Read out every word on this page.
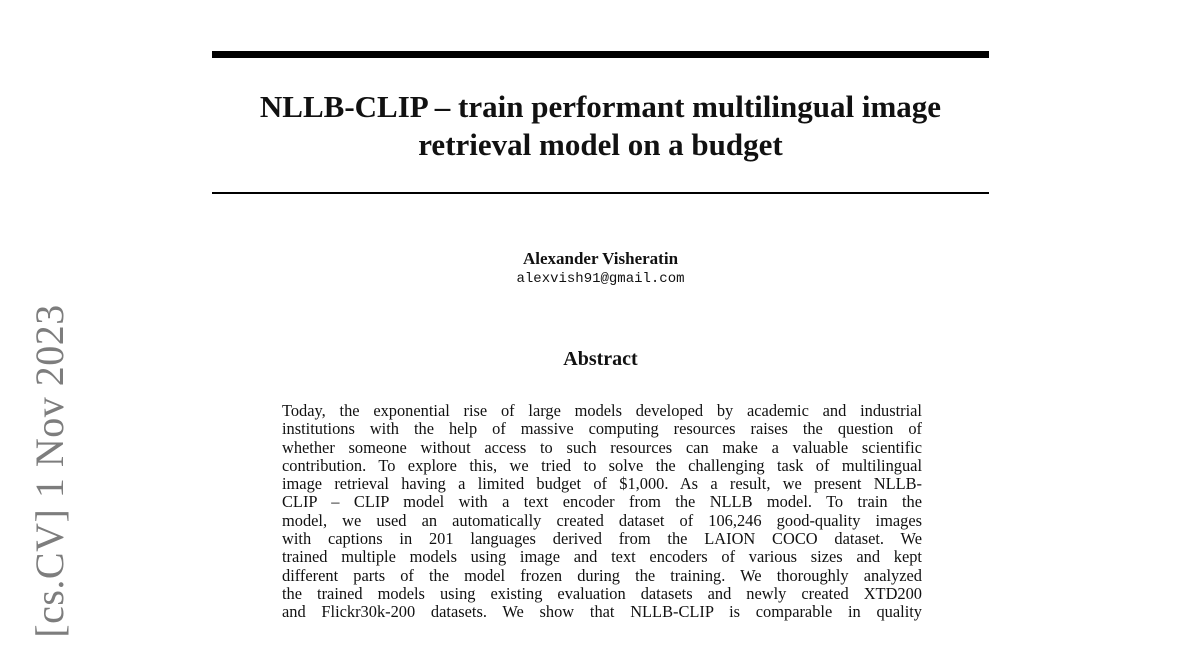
[cs.CV] 1 Nov 2023
NLLB-CLIP – train performant multilingual image
retrieval model on a budget
Alexander Visheratin
alexvish91@gmail.com
Abstract

Today, the exponential rise of large models developed by academic and industrial
institutions with the help of massive computing resources raises the question of
whether someone without access to such resources can make a valuable scientific
contribution. To explore this, we tried to solve the challenging task of multilingual
image retrieval having a limited budget of $1,000. As a result, we present NLLB-
CLIP – CLIP model with a text encoder from the NLLB model. To train the
model, we used an automatically created dataset of 106,246 good-quality images
with captions in 201 languages derived from the LAION COCO dataset. We
trained multiple models using image and text encoders of various sizes and kept
different parts of the model frozen during the training. We thoroughly analyzed
the trained models using existing evaluation datasets and newly created XTD200
and Flickr30k-200 datasets. We show that NLLB-CLIP is comparable in quality
